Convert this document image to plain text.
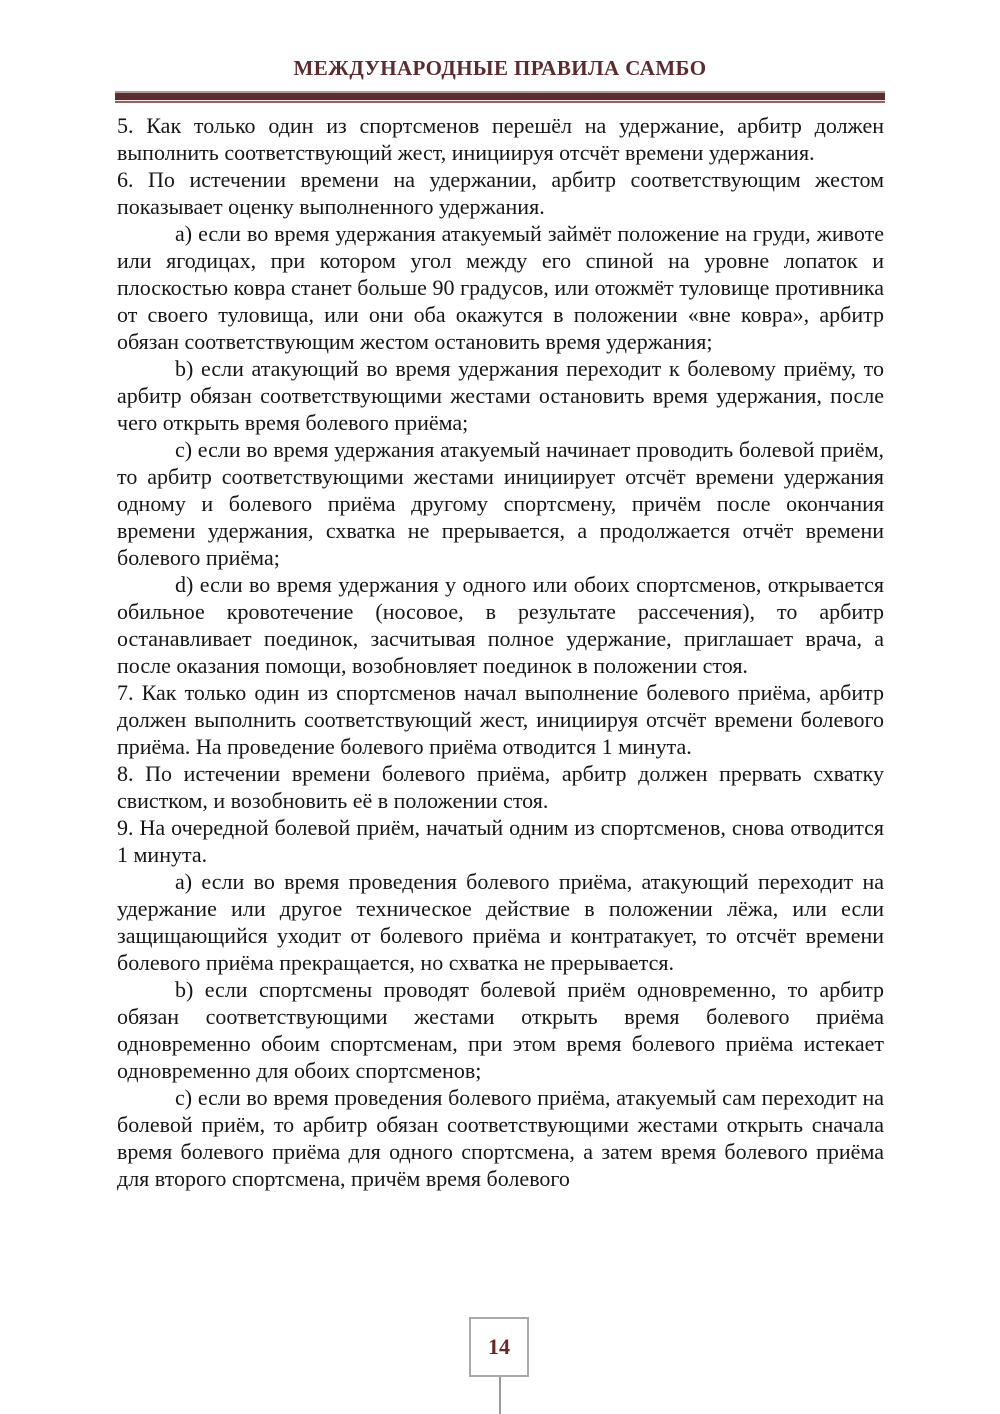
МЕЖДУНАРОДНЫЕ ПРАВИЛА САМБО

5. Как только один из спортсменов перешёл на удержание, арбитр должен выполнить соответствующий жест, инициируя отсчёт времени удержания.

6. По истечении времени на удержании, арбитр соответствующим жестом показывает оценку выполненного удержания.

а) если во время удержания атакуемый займёт положение на груди, животе или ягодицах, при котором угол между его спиной на уровне лопаток и плоскостью ковра станет больше 90 градусов, или отожмёт туловище противника от своего туловища, или они оба окажутся в положении «вне ковра», арбитр обязан соответствующим жестом остановить время удержания;

b) если атакующий во время удержания переходит к болевому приёму, то арбитр обязан соответствующими жестами остановить время удержания, после чего открыть время болевого приёма;

с) если во время удержания атакуемый начинает проводить болевой приём, то арбитр соответствующими жестами инициирует отсчёт времени удержания одному и болевого приёма другому спортсмену, причём после окончания времени удержания, схватка не прерывается, а продолжается отчёт времени болевого приёма;

d) если во время удержания у одного или обоих спортсменов, открывается обильное кровотечение (носовое, в результате рассечения), то арбитр останавливает поединок, засчитывая полное удержание, приглашает врача, а после оказания помощи, возобновляет поединок в положении стоя.

7. Как только один из спортсменов начал выполнение болевого приёма, арбитр должен выполнить соответствующий жест, инициируя отсчёт времени болевого приёма. На проведение болевого приёма отводится 1 минута.

8. По истечении времени болевого приёма, арбитр должен прервать схватку свистком, и возобновить её в положении стоя.

9. На очередной болевой приём, начатый одним из спортсменов, снова отводится 1 минута.

а) если во время проведения болевого приёма, атакующий переходит на удержание или другое техническое действие в положении лёжа, или если защищающийся уходит от болевого приёма и контратакует, то отсчёт времени болевого приёма прекращается, но схватка не прерывается.

b) если спортсмены проводят болевой приём одновременно, то арбитр обязан соответствующими жестами открыть время болевого приёма одновременно обоим спортсменам, при этом время болевого приёма истекает одновременно для обоих спортсменов;

с) если во время проведения болевого приёма, атакуемый сам переходит на болевой приём, то арбитр обязан соответствующими жестами открыть сначала время болевого приёма для одного спортсмена, а затем время болевого приёма для второго спортсмена, причём время болевого

14
